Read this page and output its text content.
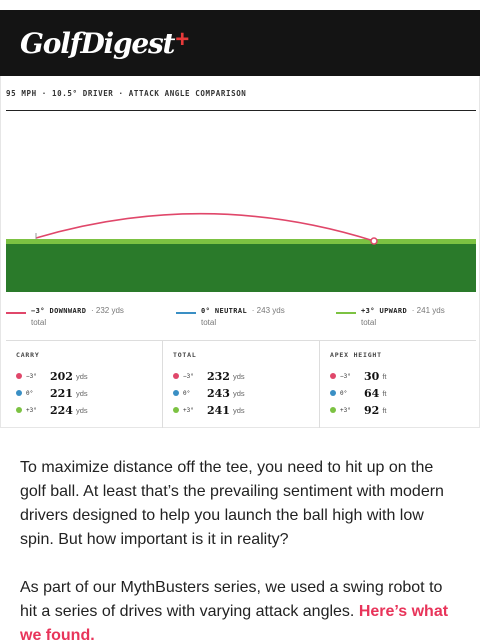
GolfDigest +
95 MPH · 10.5° DRIVER · ATTACK ANGLE COMPARISON
−3° DOWNWARD · 232 yds
total
0° NEUTRAL · 243 yds
total
+3° UPWARD · 241 yds
total
CARRY
−3°	202 yds
0°	221 yds
+3°	224 yds
TOTAL
−3°	232 yds
0°	243 yds
+3°	241 yds
APEX HEIGHT
−3°	30 ft
0°	64 ft
+3°	92 ft

To maximize distance off the tee, you need to hit up on the golf ball. At least that’s the prevailing sentiment with modern drivers designed to help you launch the ball high with low spin. But how important is it in reality?

As part of our MythBusters series, we used a swing robot to hit a series of drives with varying attack angles. Here’s what we found.
